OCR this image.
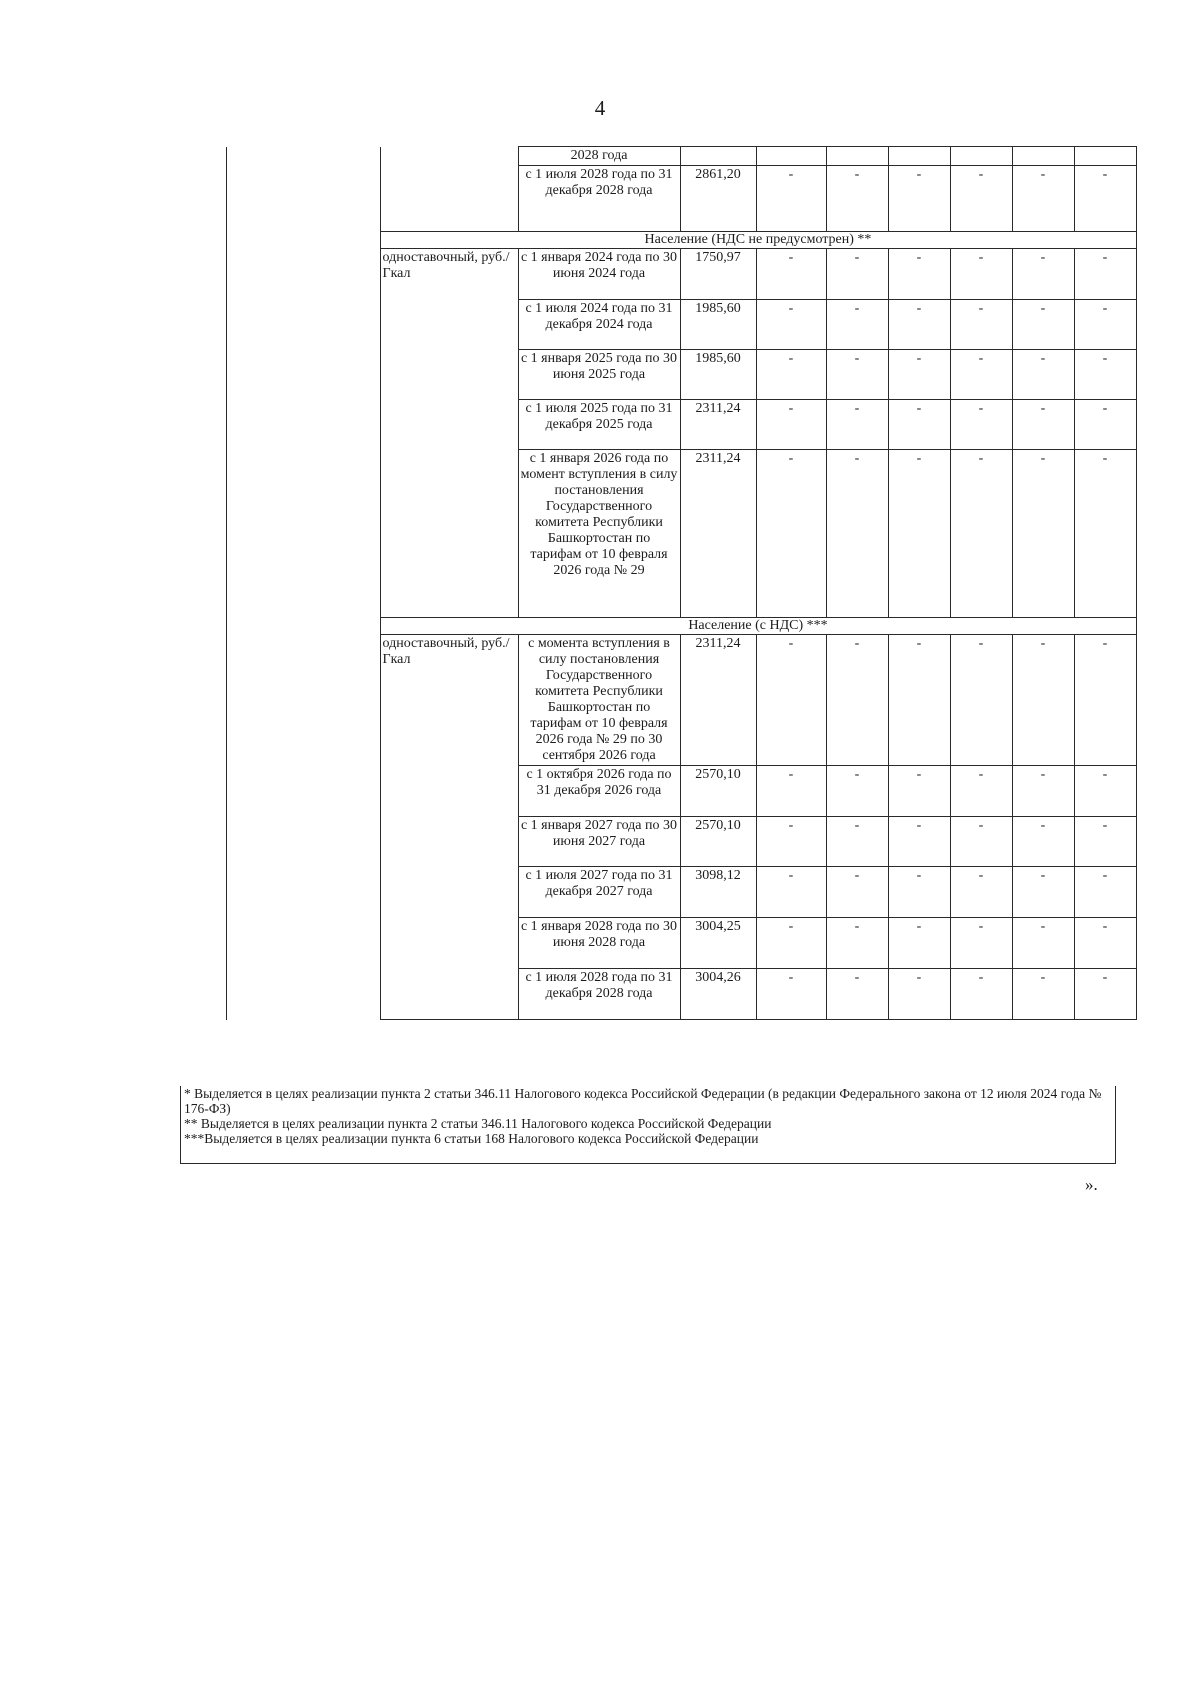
4
			2028 года							
			с 1 июля 2028 года по 31 декабря 2028 года	2861,20	-	-	-	-	-	-
		Население (НДС не предусмотрен) **								
		одноставочный, руб./Гкал	с 1 января 2024 года по 30 июня 2024 года	1750,97	-	-	-	-	-	-
			с 1 июля 2024 года по 31 декабря 2024 года	1985,60	-	-	-	-	-	-
			с 1 января 2025 года по 30 июня 2025 года	1985,60	-	-	-	-	-	-
			с 1 июля 2025 года по 31 декабря 2025 года	2311,24	-	-	-	-	-	-
			с 1 января 2026 года по момент вступления в силу постановления Государственного комитета Республики Башкортостан по тарифам от 10 февраля 2026 года № 29	2311,24	-	-	-	-	-	-
		Население (с НДС) ***								
		одноставочный, руб./Гкал	с момента вступления в силу постановления Государственного комитета Республики Башкортостан по тарифам от 10 февраля 2026 года № 29 по 30 сентября 2026 года	2311,24	-	-	-	-	-	-
			с 1 октября 2026 года по 31 декабря 2026 года	2570,10	-	-	-	-	-	-
			с 1 января 2027 года по 30 июня 2027 года	2570,10	-	-	-	-	-	-
			с 1 июля 2027 года по 31 декабря 2027 года	3098,12	-	-	-	-	-	-
			с 1 января 2028 года по 30 июня 2028 года	3004,25	-	-	-	-	-	-
			с 1 июля 2028 года по 31 декабря 2028 года	3004,26	-	-	-	-	-	-

* Выделяется в целях реализации пункта 2 статьи 346.11 Налогового кодекса Российской Федерации (в редакции Федерального закона от 12 июля 2024 года № 176-ФЗ)

** Выделяется в целях реализации пункта 2 статьи 346.11 Налогового кодекса Российской Федерации

***Выделяется в целях реализации пункта 6 статьи 168 Налогового кодекса Российской Федерации

».
